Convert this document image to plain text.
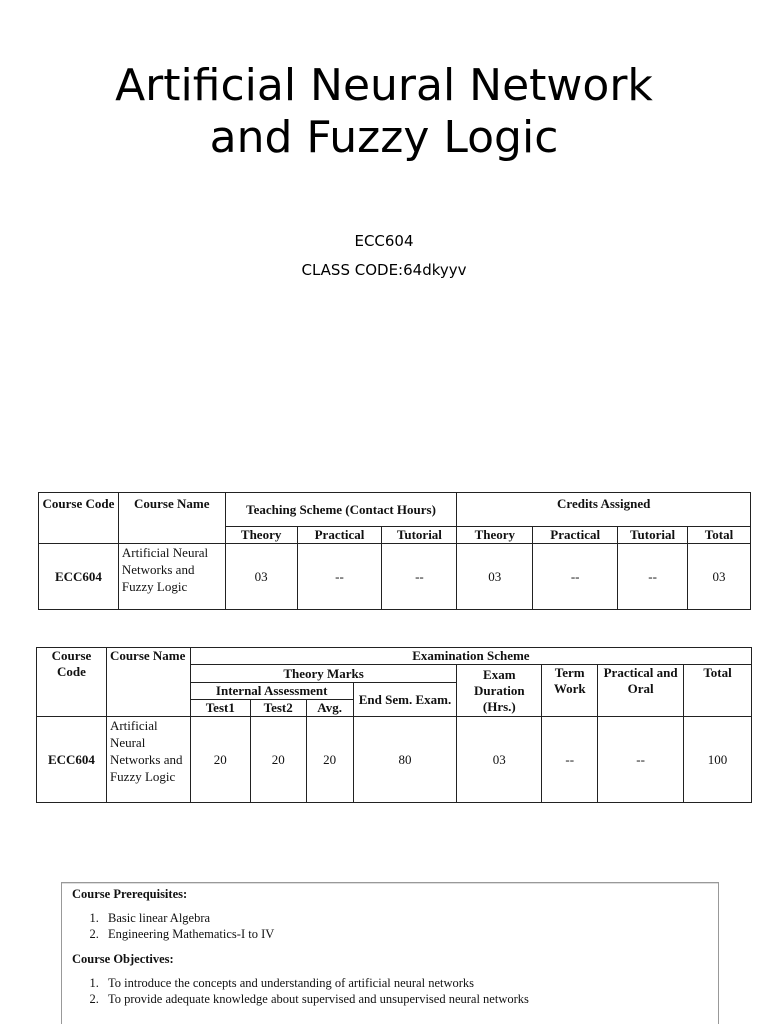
Artificial Neural Network and Fuzzy Logic
ECC604
CLASS CODE:64dkyyv
Course Code	Course Name	Teaching Scheme (Contact Hours)			Credits Assigned			
		Theory	Practical	Tutorial	Theory	Practical	Tutorial	Total
ECC604	Artificial Neural Networks and Fuzzy Logic	03	--	--	03	--	--	03
Course Code	Course Name	Examination Scheme							
		Theory Marks				Exam Duration (Hrs.)	Term Work	Practical and Oral	Total
		Internal Assessment			End Sem. Exam.				
		Test1	Test2	Avg.					
ECC604	Artificial Neural Networks and Fuzzy Logic	20	20	20	80	03	--	--	100
Course Prerequisites:
1. Basic linear Algebra
2. Engineering Mathematics-I to IV
Course Objectives:
1. To introduce the concepts and understanding of artificial neural networks
2. To provide adequate knowledge about supervised and unsupervised neural networks
